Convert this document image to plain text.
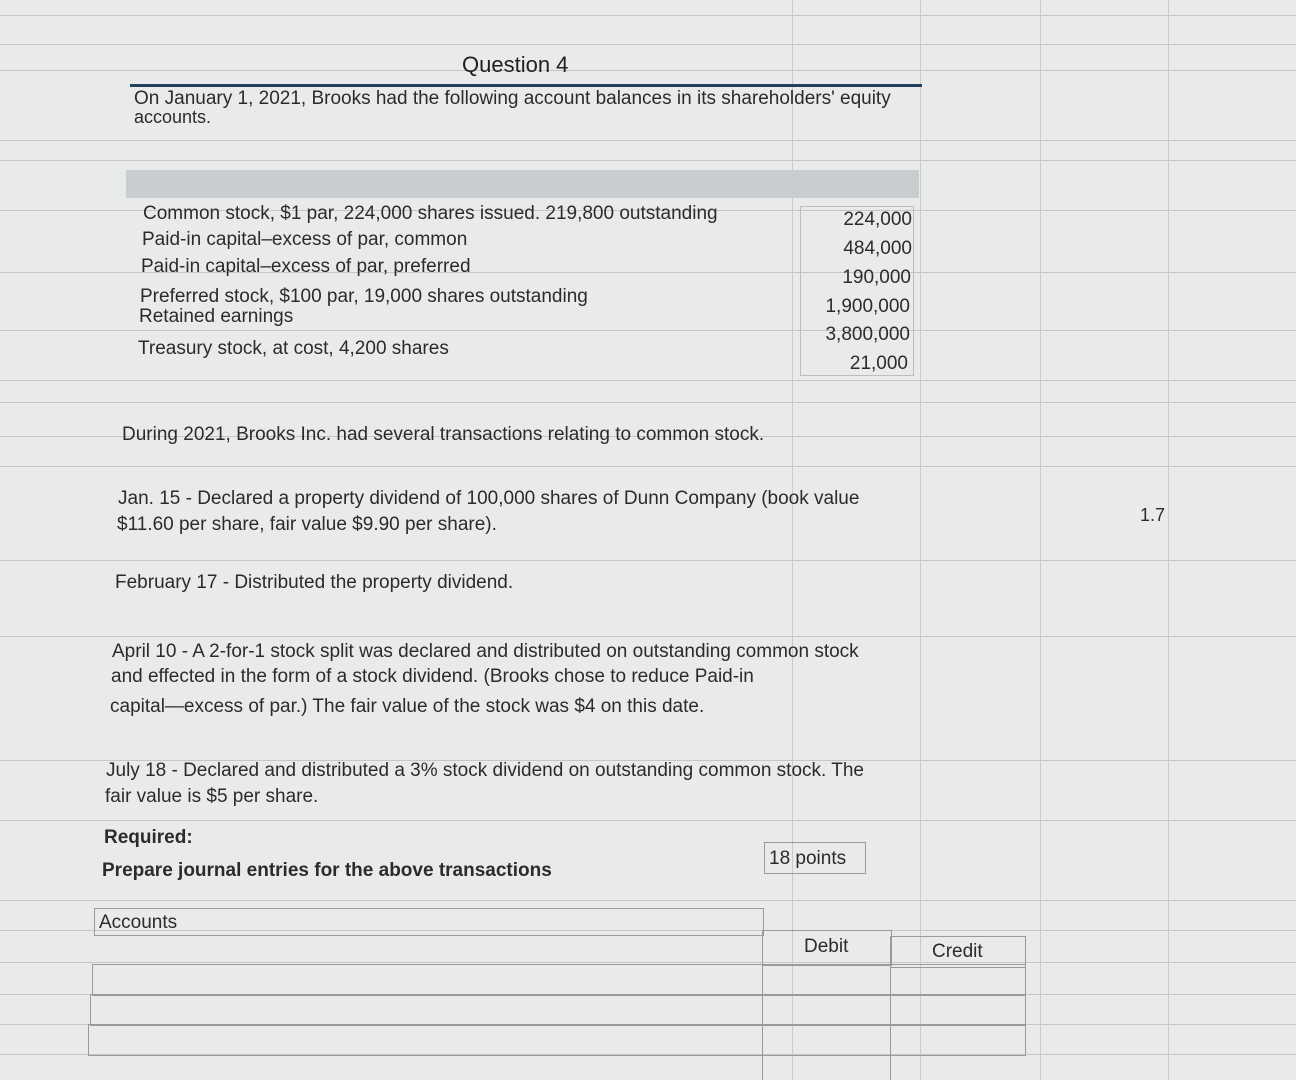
Question 4
On January 1, 2021, Brooks had the following account balances in its shareholders' equity
accounts.
Common stock, $1 par, 224,000 shares issued. 219,800 outstanding
Paid-in capital–excess of par, common
Paid-in capital–excess of par, preferred
Preferred stock, $100 par, 19,000 shares outstanding
Retained earnings
Treasury stock, at cost, 4,200 shares
224,000
484,000
190,000
1,900,000
3,800,000
21,000
During 2021, Brooks Inc. had several transactions relating to common stock.
Jan. 15 - Declared a property dividend of 100,000 shares of Dunn Company (book value
$11.60 per share, fair value $9.90 per share).
February 17 - Distributed the property dividend.
April 10 - A 2-for-1 stock split was declared and distributed on outstanding common stock
and effected in the form of a stock dividend. (Brooks chose to reduce Paid-in
capital—excess of par.) The fair value of the stock was $4 on this date.
July 18 - Declared and distributed a 3% stock dividend on outstanding common stock. The
fair value is $5 per share.
Required:
Prepare journal entries for the above transactions
18 points
Accounts
Debit	Credit
1.7
